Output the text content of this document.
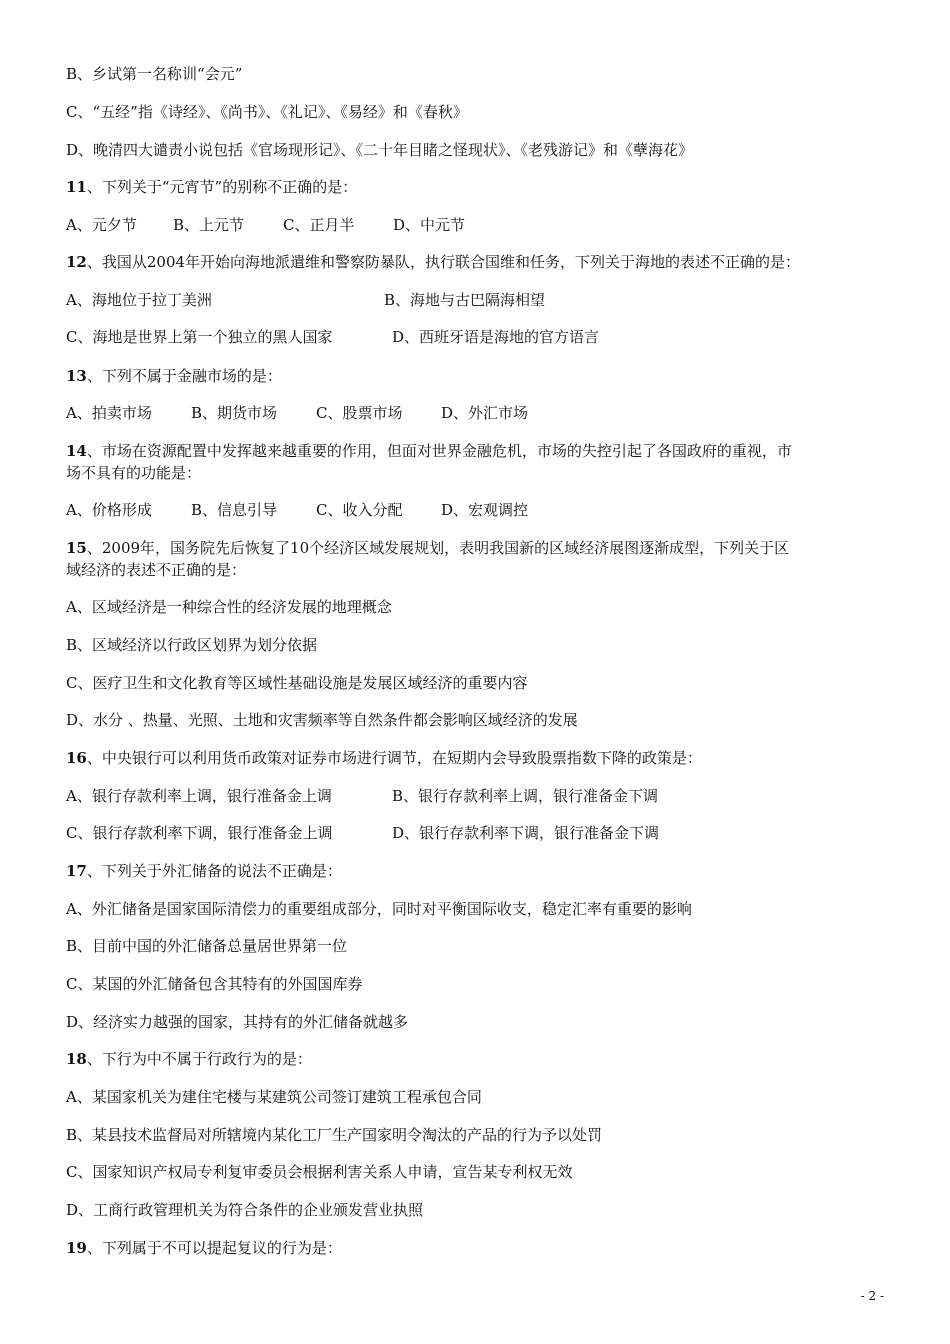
B、乡试第一名称训“会元”
C、“五经”指《诗经》、《尚书》、《礼记》、《易经》和《春秋》
D、晚清四大谴责小说包括《官场现形记》、《二十年目睹之怪现状》、《老残游记》和《孽海花》
11、下列关于“元宵节”的别称不正确的是：
A、元夕节 B、上元节	C、正月半	D、中元节
12、我国从2004年开始向海地派遣维和警察防暴队，执行联合国维和任务，下列关于海地的表述不正确的是：
A、海地位于拉丁美洲	B、海地与古巴隔海相望
C、海地是世界上第一个独立的黑人国家	D、西班牙语是海地的官方语言
13、下列不属于金融市场的是：
A、拍卖市场	B、期货市场	C、股票市场	D、外汇市场
14、市场在资源配置中发挥越来越重要的作用，但面对世界金融危机，市场的失控引起了各国政府的重视，市
场不具有的功能是：
A、价格形成	B、信息引导	C、收入分配	D、宏观调控
15、2009年，国务院先后恢复了10个经济区域发展规划，表明我国新的区域经济展图逐渐成型，下列关于区
域经济的表述不正确的是：
A、区域经济是一种综合性的经济发展的地理概念
B、区域经济以行政区划界为划分依据
C、医疗卫生和文化教育等区域性基础设施是发展区域经济的重要内容
D、水分 、热量、光照、土地和灾害频率等自然条件都会影响区域经济的发展
16、中央银行可以利用货币政策对证券市场进行调节，在短期内会导致股票指数下降的政策是：
A、银行存款利率上调，银行准备金上调	B、银行存款利率上调，银行准备金下调
C、银行存款利率下调，银行准备金上调	D、银行存款利率下调，银行准备金下调
17、下列关于外汇储备的说法不正确是：
A、外汇储备是国家国际清偿力的重要组成部分，同时对平衡国际收支，稳定汇率有重要的影响
B、目前中国的外汇储备总量居世界第一位
C、某国的外汇储备包含其特有的外国国库券
D、经济实力越强的国家，其持有的外汇储备就越多
18、下行为中不属于行政行为的是：
A、某国家机关为建住宅楼与某建筑公司签订建筑工程承包合同
B、某县技术监督局对所辖境内某化工厂生产国家明令淘汰的产品的行为予以处罚
C、国家知识产权局专利复审委员会根据利害关系人申请，宣告某专利权无效
D、工商行政管理机关为符合条件的企业颁发营业执照
19、下列属于不可以提起复议的行为是：
- 2 -
